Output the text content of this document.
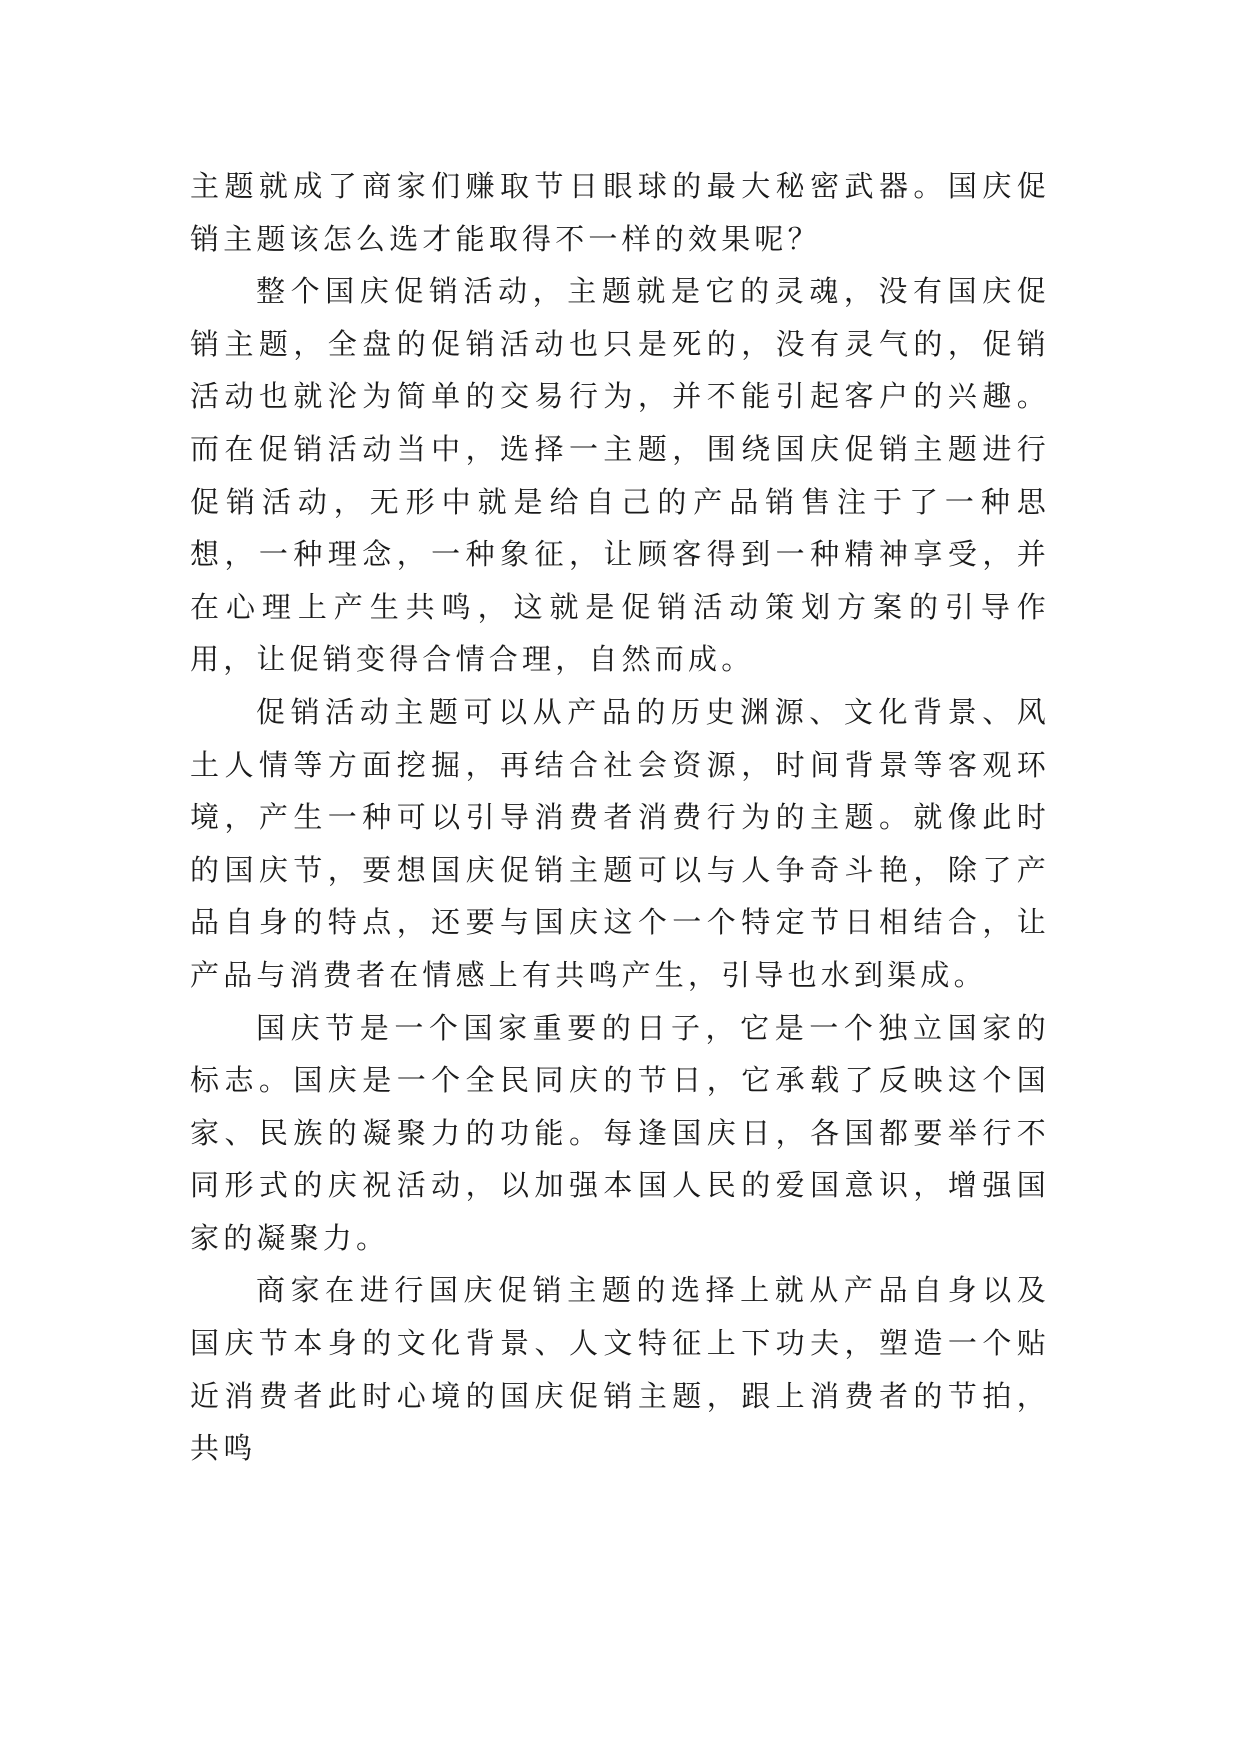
主题就成了商家们赚取节日眼球的最大秘密武器。国庆促销主题该怎么选才能取得不一样的效果呢？

整个国庆促销活动，主题就是它的灵魂，没有国庆促销主题，全盘的促销活动也只是死的，没有灵气的，促销活动也就沦为简单的交易行为，并不能引起客户的兴趣。而在促销活动当中，选择一主题，围绕国庆促销主题进行促销活动，无形中就是给自己的产品销售注于了一种思想，一种理念，一种象征，让顾客得到一种精神享受，并在心理上产生共鸣，这就是促销活动策划方案的引导作用，让促销变得合情合理，自然而成。

促销活动主题可以从产品的历史渊源、文化背景、风土人情等方面挖掘，再结合社会资源，时间背景等客观环境，产生一种可以引导消费者消费行为的主题。就像此时的国庆节，要想国庆促销主题可以与人争奇斗艳，除了产品自身的特点，还要与国庆这个一个特定节日相结合，让产品与消费者在情感上有共鸣产生，引导也水到渠成。

国庆节是一个国家重要的日子，它是一个独立国家的标志。国庆是一个全民同庆的节日，它承载了反映这个国家、民族的凝聚力的功能。每逢国庆日，各国都要举行不同形式的庆祝活动，以加强本国人民的爱国意识，增强国家的凝聚力。

商家在进行国庆促销主题的选择上就从产品自身以及国庆节本身的文化背景、人文特征上下功夫，塑造一个贴近消费者此时心境的国庆促销主题，跟上消费者的节拍，共鸣
